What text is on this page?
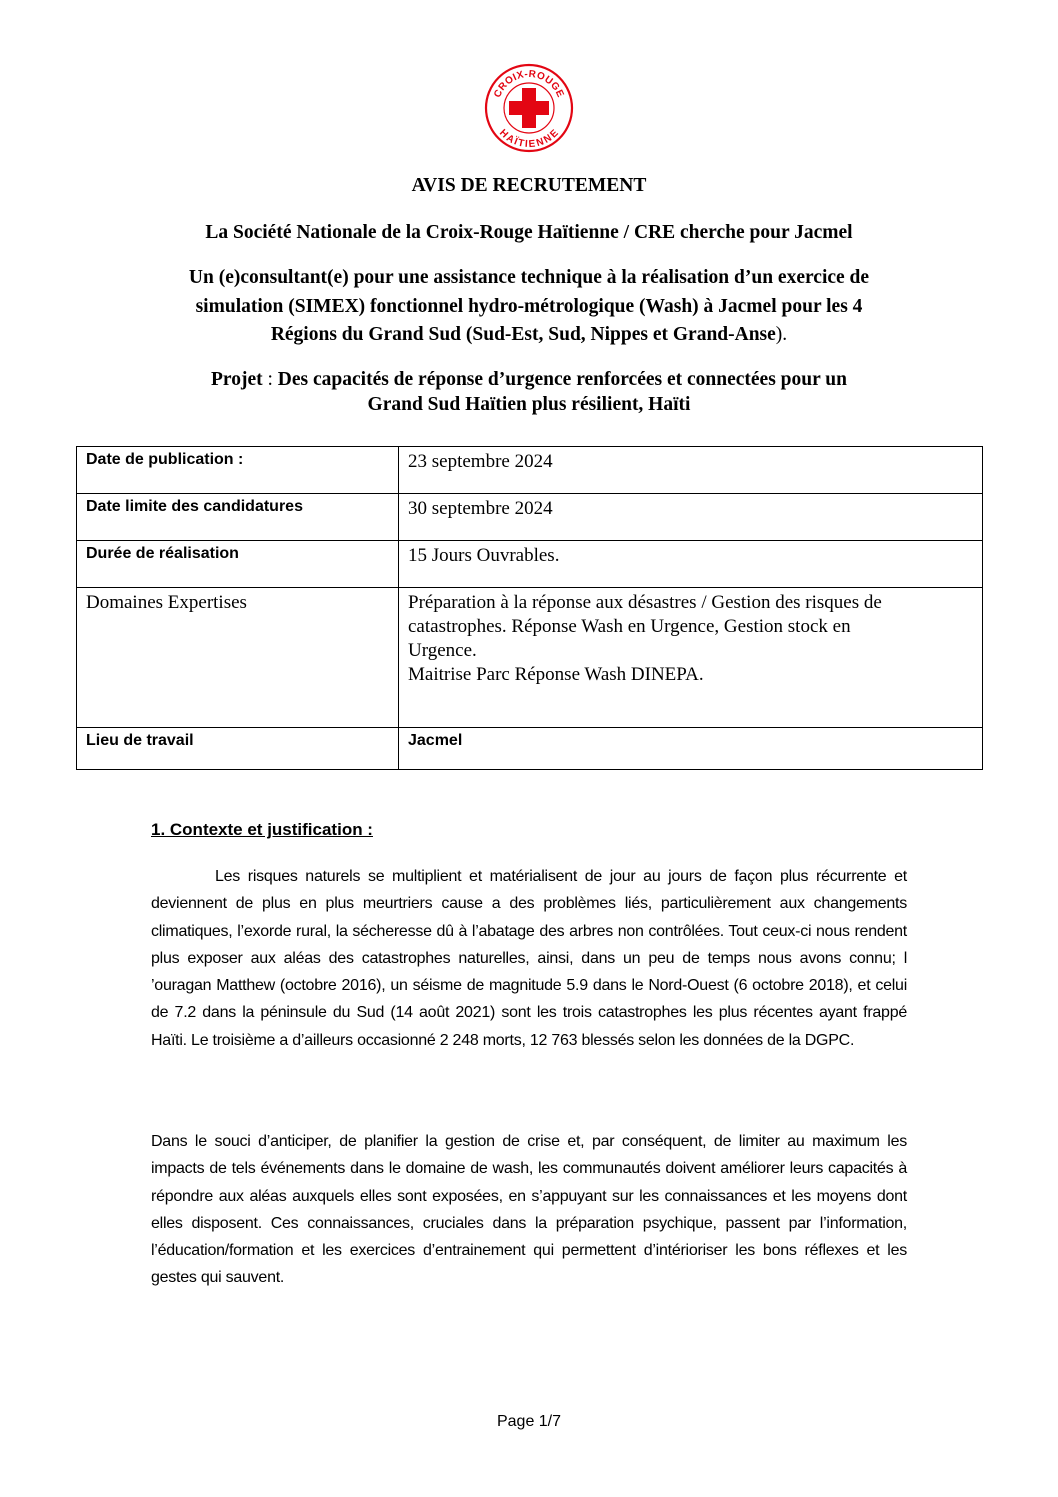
CROIX-ROUGE
HAÏTIENNE
AVIS DE RECRUTEMENT
La Société Nationale de la Croix-Rouge Haïtienne / CRE cherche pour Jacmel
Un (e)consultant(e) pour une assistance technique à la réalisation d’un exercice de
simulation (SIMEX) fonctionnel hydro-métrologique (Wash) à Jacmel pour les 4
Régions du Grand Sud (Sud-Est, Sud, Nippes et Grand-Anse).
Projet : Des capacités de réponse d’urgence renforcées et connectées pour un
Grand Sud Haïtien plus résilient, Haïti
Date de publication :	23 septembre 2024
Date limite des candidatures	30 septembre 2024
Durée de réalisation	15 Jours Ouvrables.
Domaines Expertises	Préparation à la réponse aux désastres / Gestion des risques de
catastrophes. Réponse Wash en Urgence, Gestion stock en
Urgence.
Maitrise Parc Réponse Wash DINEPA.

Lieu de travail	Jacmel
1. Contexte et justification :
Les risques naturels se multiplient et matérialisent de jour au jours de façon plus récurrente et deviennent de plus en plus meurtriers cause a des problèmes liés, particulièrement aux changements climatiques, l’exorde rural, la sécheresse dû à l’abatage des arbres non contrôlées. Tout ceux-ci nous rendent plus exposer aux aléas des catastrophes naturelles, ainsi, dans un peu de temps nous avons connu; l ’ouragan Matthew (octobre 2016), un séisme de magnitude 5.9 dans le Nord-Ouest (6 octobre 2018), et celui de 7.2 dans la péninsule du Sud (14 août 2021) sont les trois catastrophes les plus récentes ayant frappé Haïti. Le troisième a d’ailleurs occasionné 2 248 morts, 12 763 blessés selon les données de la DGPC.
Dans le souci d’anticiper, de planifier la gestion de crise et, par conséquent, de limiter au maximum les impacts de tels événements dans le domaine de wash, les communautés doivent améliorer leurs capacités à répondre aux aléas auxquels elles sont exposées, en s’appuyant sur les connaissances et les moyens dont elles disposent. Ces connaissances, cruciales dans la préparation psychique, passent par l’information, l’éducation/formation et les exercices d’entrainement qui permettent d’intérioriser les bons réflexes et les gestes qui sauvent.
Page 1/7
